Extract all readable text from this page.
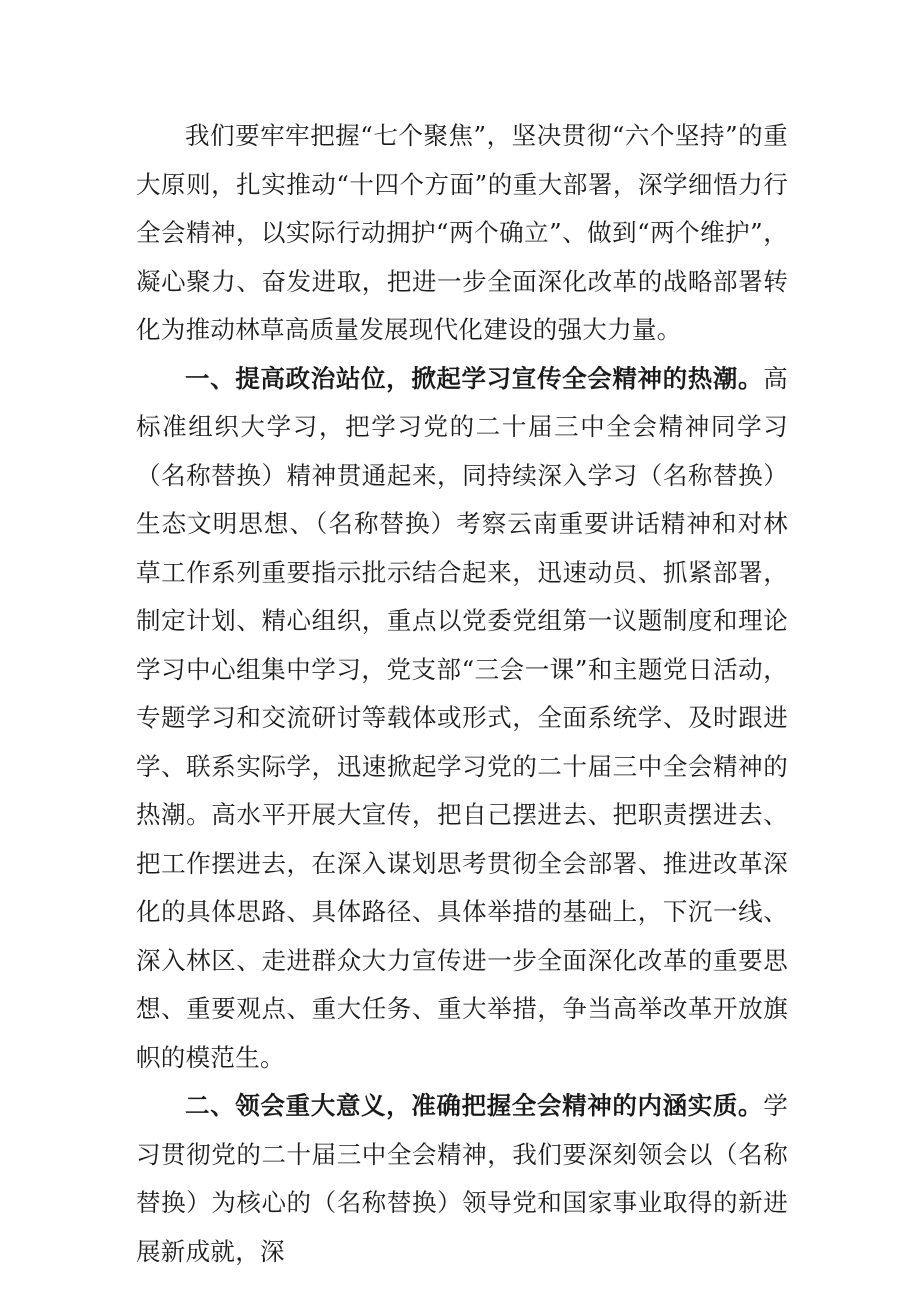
我们要牢牢把握“七个聚焦”，坚决贯彻“六个坚持”的重大原则，扎实推动“十四个方面”的重大部署，深学细悟力行全会精神，以实际行动拥护“两个确立”、做到“两个维护”，凝心聚力、奋发进取，把进一步全面深化改革的战略部署转化为推动林草高质量发展现代化建设的强大力量。

一、提高政治站位，掀起学习宣传全会精神的热潮。高标准组织大学习，把学习党的二十届三中全会精神同学习（名称替换）精神贯通起来，同持续深入学习（名称替换）生态文明思想、（名称替换）考察云南重要讲话精神和对林草工作系列重要指示批示结合起来，迅速动员、抓紧部署，制定计划、精心组织，重点以党委党组第一议题制度和理论学习中心组集中学习，党支部“三会一课”和主题党日活动，专题学习和交流研讨等载体或形式，全面系统学、及时跟进学、联系实际学，迅速掀起学习党的二十届三中全会精神的热潮。高水平开展大宣传，把自己摆进去、把职责摆进去、把工作摆进去，在深入谋划思考贯彻全会部署、推进改革深化的具体思路、具体路径、具体举措的基础上，下沉一线、深入林区、走进群众大力宣传进一步全面深化改革的重要思想、重要观点、重大任务、重大举措，争当高举改革开放旗帜的模范生。

二、领会重大意义，准确把握全会精神的内涵实质。学习贯彻党的二十届三中全会精神，我们要深刻领会以（名称替换）为核心的（名称替换）领导党和国家事业取得的新进展新成就，深
